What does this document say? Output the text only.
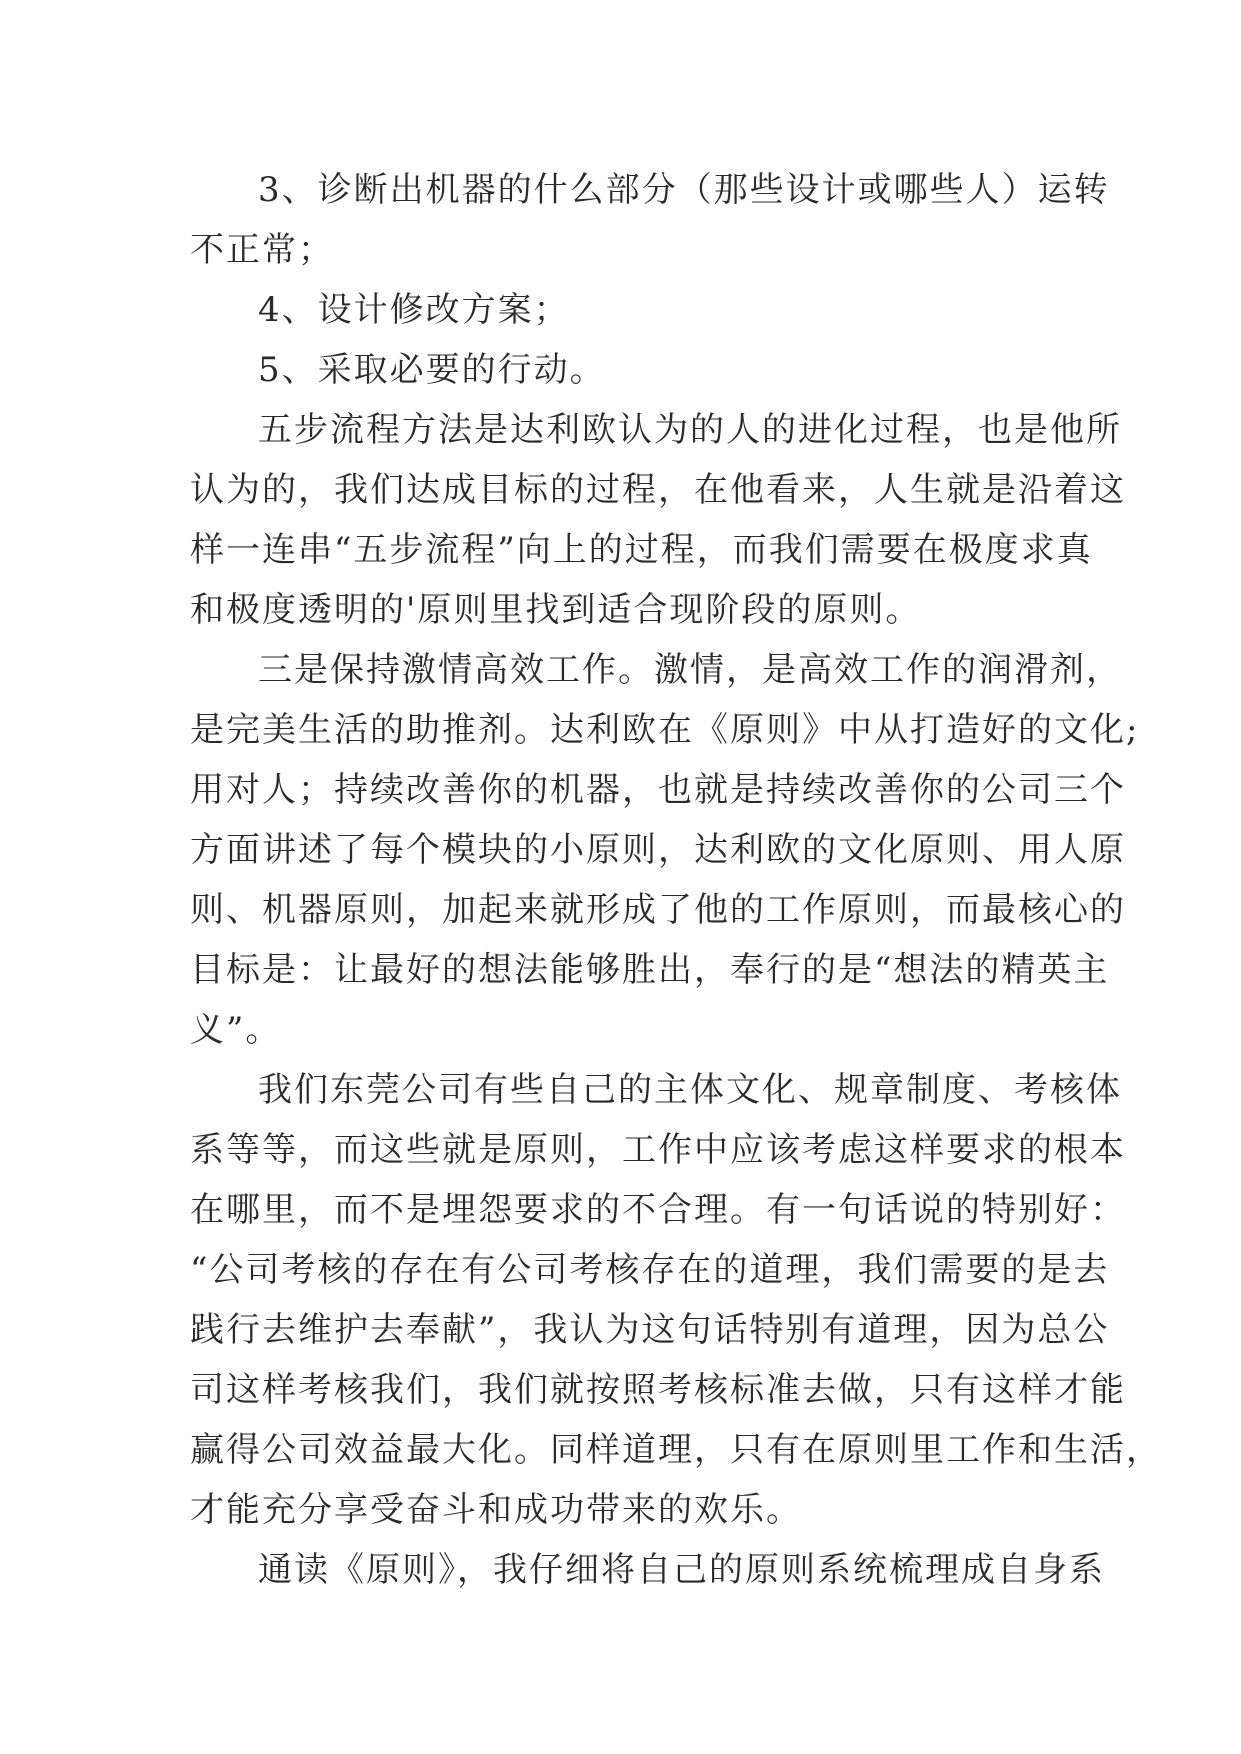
3、诊断出机器的什么部分（那些设计或哪些人）运转
不正常；
4、设计修改方案；
5、采取必要的行动。
五步流程方法是达利欧认为的人的进化过程，也是他所
认为的，我们达成目标的过程，在他看来，人生就是沿着这
样一连串“五步流程”向上的过程，而我们需要在极度求真
和极度透明的'原则里找到适合现阶段的原则。
三是保持激情高效工作。激情，是高效工作的润滑剂，
是完美生活的助推剂。达利欧在《原则》中从打造好的文化;
用对人；持续改善你的机器，也就是持续改善你的公司三个
方面讲述了每个模块的小原则，达利欧的文化原则、用人原
则、机器原则，加起来就形成了他的工作原则，而最核心的
目标是：让最好的想法能够胜出，奉行的是“想法的精英主
义”。
我们东莞公司有些自己的主体文化、规章制度、考核体
系等等，而这些就是原则，工作中应该考虑这样要求的根本
在哪里，而不是埋怨要求的不合理。有一句话说的特别好：
“公司考核的存在有公司考核存在的道理，我们需要的是去
践行去维护去奉献”，我认为这句话特别有道理，因为总公
司这样考核我们，我们就按照考核标准去做，只有这样才能
赢得公司效益最大化。同样道理，只有在原则里工作和生活，
才能充分享受奋斗和成功带来的欢乐。
通读《原则》，我仔细将自己的原则系统梳理成自身系
